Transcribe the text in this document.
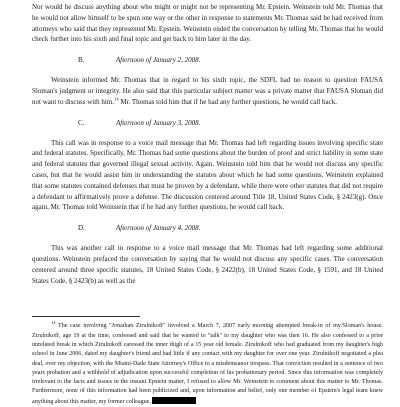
Nor would he discuss anything about who might or might not be representing Mr. Epstein. Weinstein told Mr. Thomas that he would not allow himself to be spun one way or the other in response to statements Mr. Thomas said he had received from attorneys who said that they represented Mr. Epstein. Weinstein ended the conversation by telling Mr. Thomas that he would check further into his sixth and final topic and get back to him later in the day.

B.	Afternoon of January 2, 2008.

Weinstein informed Mr. Thomas that in regard to his sixth topic, the SDFL had no reason to question FAUSA Sloman's judgment or integrity. He also said that this particular subject matter was a private matter that FAUSA Sloman did not want to discuss with him.$^{14}$ Mr. Thomas told him that if he had any further questions, he would call back.

C.	Afternoon of January 3, 2008.

This call was in response to a voice mail message that Mr. Thomas had left regarding issues involving specific state and federal statutes. Specifically, Mr. Thomas had some questions about the burden of proof and strict liability in some state and federal statutes that governed illegal sexual activity. Again, Weinstein told him that he would not discuss any specific cases, but that he would assist him in understanding the statutes about which he had some questions. Weinstein explained that some statutes contained defenses that must be proven by a defendant, while there were other statutes that did not require a defendant to affirmatively prove a defense. The discussion centered around Title 18, United States Code, § 2423(g). Once again, Mr. Thomas told Weinstein that if he had any further questions, he would call back.

D.	Afternoon of January 4, 2008.

This was another call in response to a voice mail message that Mr. Thomas had left regarding some additional questions. Weinstein prefaced the conversation by saying that he would not discuss any specific cases. The conversation centered around three specific statutes, 18 United States Code, § 2422(b), 18 United States Code, § 1591, and 18 United States Code, § 2423(b) as well as the

$^{14}$ The case involving "Jonathan Zirulnikoff" involved a March 7, 2007 early morning attempted break-in of my/Sloman's house. Zirulnikoff, age 19 at the time, confessed and said that he wanted to "talk" to my daughter who was then 16. He also confessed to a prior unrelated break in which Zirulnikoff caressed the inner thigh of a 15 year old female. Zirulnikoff who had graduated from my daughter's high school in June 2006, dated my daughter's friend and had little if any contact with my daughter for over one year. Zirulnikoff negotiated a plea deal, over my objection, with the Miami-Dade State Attorney's Office to a misdemeanor trespass. That conviction resulted in a sentence of two years probation and a withhold of adjudication upon successful completion of his probationary period. Since this information was completely irrelevant to the facts and issues in the instant Epstein matter, I refused to allow Mr. Weinstein to comment about this matter to Mr. Thomas. Furthermore, none of this information had been publicized and, upon information and belief, only one member of Epstein's legal team knew anything about this matter, my former colleague,
